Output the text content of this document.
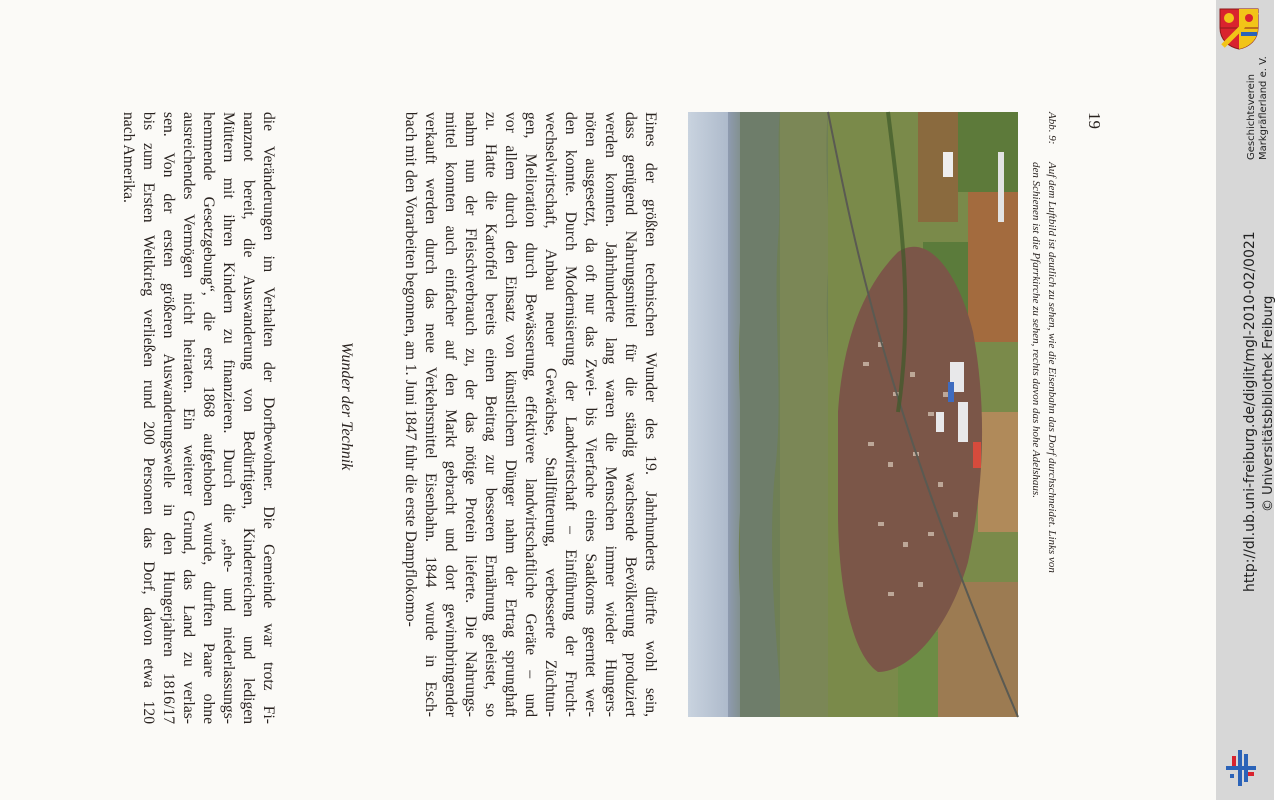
die Veränderungen im Verhalten der Dorfbewohner. Die Gemeinde war trotz Fi-
nanznot bereit, die Auswanderung von Bedürftigen, Kinderreichen und ledigen
Müttern mit ihren Kindern zu finanzieren. Durch die „ehe- und niederlassungs-
hemmende Gesetzgebung“, die erst 1868 aufgehoben wurde, durften Paare ohne
ausreichendes Vermögen nicht heiraten. Ein weiterer Grund, das Land zu verlas-
sen. Von der ersten größeren Auswanderungswelle in den Hungerjahren 1816/17
bis zum Ersten Weltkrieg verließen rund 200 Personen das Dorf, davon etwa 120
nach Amerika.
Wunder der Technik	Eines der größten technischen Wunder des 19. Jahrhunderts dürfte wohl sein,
dass genügend Nahrungsmittel für die ständig wachsende Bevölkerung produziert
werden konnten. Jahrhunderte lang waren die Menschen immer wieder Hungers-
nöten ausgesetzt, da oft nur das Zwei- bis Vierfache eines Saatkorns geerntet wer-
den konnte. Durch Modernisierung der Landwirtschaft – Einführung der Frucht-
wechselwirtschaft, Anbau neuer Gewächse, Stallfütterung, verbesserte Züchtun-
gen, Melioration durch Bewässerung, effektivere landwirtschaftliche Geräte – und
vor allem durch den Einsatz von künstlichem Dünger nahm der Ertrag sprunghaft
zu. Hatte die Kartoffel bereits einen Beitrag zur besseren Ernährung geleistet, so
nahm nun der Fleischverbrauch zu, der das nötige Protein lieferte. Die Nahrungs-
mittel konnten auch einfacher auf den Markt gebracht und dort gewinnbringender
verkauft werden durch das neue Verkehrsmittel Eisenbahn. 1844 wurde in Esch-
bach mit den Vorarbeiten begonnen, am 1. Juni 1847 fuhr die erste Dampflokomo-	Abb. 9:Auf dem Luftbild ist deutlich zu sehen, wie die Eisenbahn das Dorf durchschneidet. Links von
den Schienen ist die Pfarrkirche zu sehen, rechts davon das hohe Adelshaus.
19	Geschichtsverein Markgräflerland e. V.
http://dl.ub.uni-freiburg.de/diglit/mgl-2010-02/0021 © Universitätsbibliothek Freiburg
